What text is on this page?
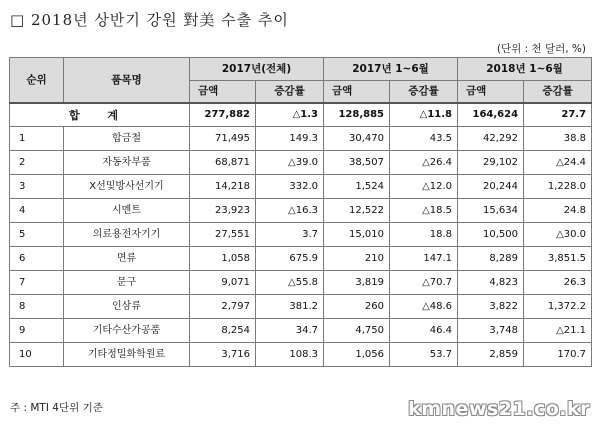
□ 2018년 상반기 강원 對美 수출 추이
(단위 : 천 달러, %)
순위	품목명	2017년(전체)		2017년 1~6월		2018년 1~6월	
		금액	증감률	금액	증감률	금액	증감률
합 계		277,882	△1.3	128,885	△11.8	164,624	27.7
1	합금철	71,495	149.3	30,470	43.5	42,292	38.8
2	자동차부품	68,871	△39.0	38,507	△26.4	29,102	△24.4
3	X선및방사선기기	14,218	332.0	1,524	△12.0	20,244	1,228.0
4	시멘트	23,923	△16.3	12,522	△18.5	15,634	24.8
5	의료용전자기기	27,551	3.7	15,010	18.8	10,500	△30.0
6	면류	1,058	675.9	210	147.1	8,289	3,851.5
7	문구	9,071	△55.8	3,819	△70.7	4,823	26.3
8	인삼류	2,797	381.2	260	△48.6	3,822	1,372.2
9	기타수산가공품	8,254	34.7	4,750	46.4	3,748	△21.1
10	기타정밀화학원료	3,716	108.3	1,056	53.7	2,859	170.7
주 : MTI 4단위 기준	kmnews21.co.kr
